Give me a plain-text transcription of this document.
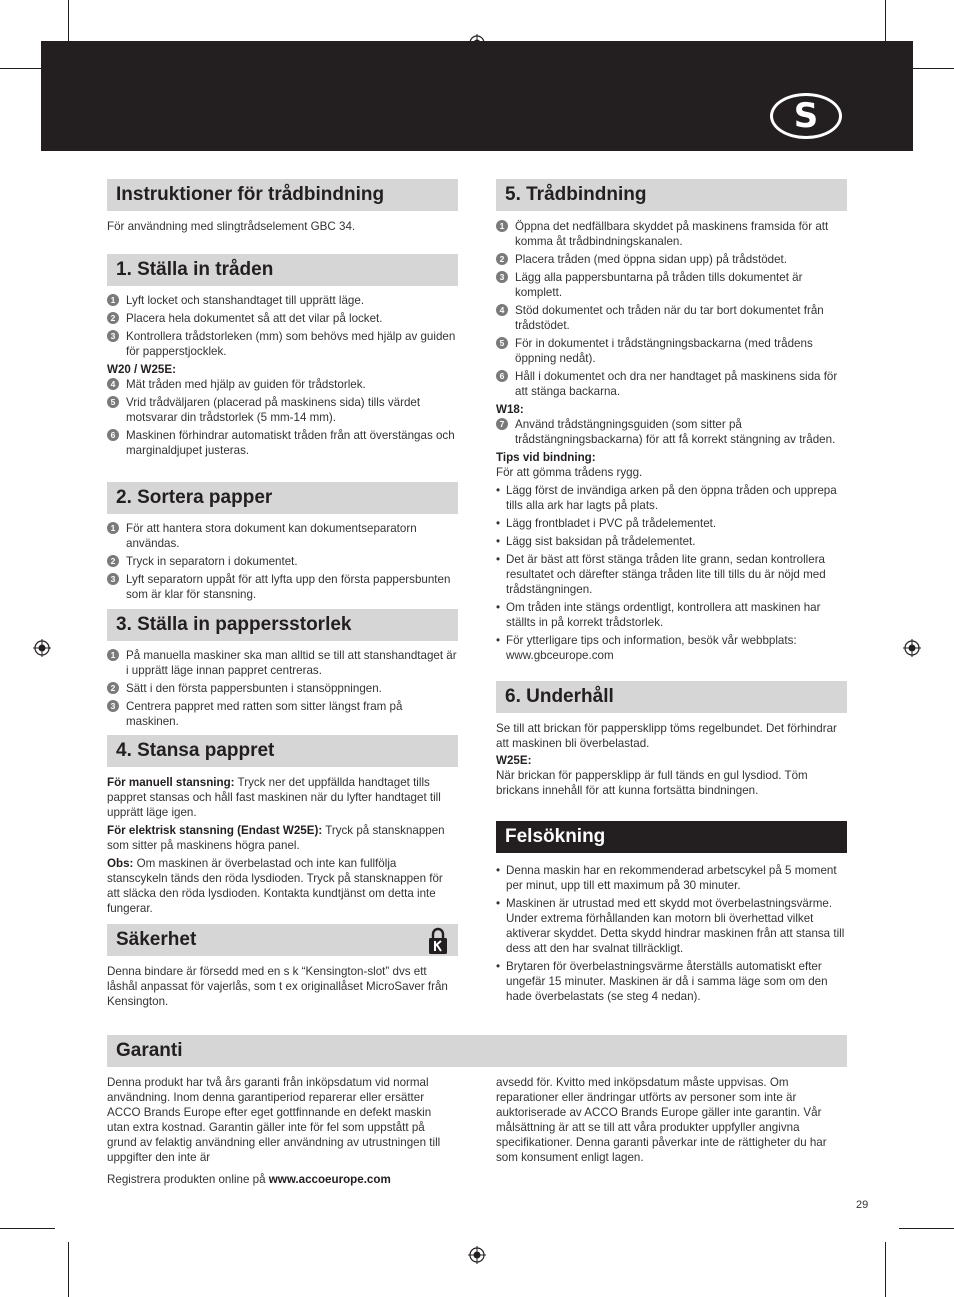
S
Instruktioner för trådbindning
För användning med slingtrådselement GBC 34.
1. Ställa in tråden
1 Lyft locket och stanshandtaget till upprätt läge.
2 Placera hela dokumentet så att det vilar på locket.
3 Kontrollera trådstorleken (mm) som behövs med hjälp av guiden för papperstjocklek.
W20 / W25E:
4 Mät tråden med hjälp av guiden för trådstorlek.
5 Vrid trådväljaren (placerad på maskinens sida) tills värdet motsvarar din trådstorlek (5 mm-14 mm).
6 Maskinen förhindrar automatiskt tråden från att överstängas och marginaldjupet justeras.
2. Sortera papper
1 För att hantera stora dokument kan dokumentseparatorn användas.
2 Tryck in separatorn i dokumentet.
3 Lyft separatorn uppåt för att lyfta upp den första pappersbunten som är klar för stansning.
3. Ställa in pappersstorlek
1 På manuella maskiner ska man alltid se till att stanshandtaget är i upprätt läge innan pappret centreras.
2 Sätt i den första pappersbunten i stansöppningen.
3 Centrera pappret med ratten som sitter längst fram på maskinen.
4. Stansa pappret
För manuell stansning: Tryck ner det uppfällda handtaget tills pappret stansas och håll fast maskinen när du lyfter handtaget till upprätt läge igen.
För elektrisk stansning (Endast W25E): Tryck på stansknappen som sitter på maskinens högra panel.
Obs: Om maskinen är överbelastad och inte kan fullfölja stanscykeln tänds den röda lysdioden. Tryck på stansknappen för att släcka den röda lysdioden. Kontakta kundtjänst om detta inte fungerar.
Säkerhet
Denna bindare är försedd med en s k “Kensington-slot” dvs ett låshål anpassat för vajerlås, som t ex originallåset MicroSaver från Kensington.
5. Trådbindning
1 Öppna det nedfällbara skyddet på maskinens framsida för att komma åt trådbindningskanalen.
2 Placera tråden (med öppna sidan upp) på trådstödet.
3 Lägg alla pappersbuntarna på tråden tills dokumentet är komplett.
4 Stöd dokumentet och tråden när du tar bort dokumentet från trådstödet.
5 För in dokumentet i trådstängningsbackarna (med trådens öppning nedåt).
6 Håll i dokumentet och dra ner handtaget på maskinens sida för att stänga backarna.
W18:
7 Använd trådstängningsguiden (som sitter på trådstängningsbackarna) för att få korrekt stängning av tråden.
Tips vid bindning:
För att gömma trådens rygg.
• Lägg först de invändiga arken på den öppna tråden och upprepa tills alla ark har lagts på plats.
• Lägg frontbladet i PVC på trådelementet.
• Lägg sist baksidan på trådelementet.
• Det är bäst att först stänga tråden lite grann, sedan kontrollera resultatet och därefter stänga tråden lite till tills du är nöjd med trådstängningen.
• Om tråden inte stängs ordentligt, kontrollera att maskinen har ställts in på korrekt trådstorlek.
• För ytterligare tips och information, besök vår webbplats: www.gbceurope.com
6. Underhåll
Se till att brickan för pappersklipp töms regelbundet. Det förhindrar att maskinen bli överbelastad.
W25E:
När brickan för pappersklipp är full tänds en gul lysdiod. Töm brickans innehåll för att kunna fortsätta bindningen.
Felsökning
• Denna maskin har en rekommenderad arbetscykel på 5 moment per minut, upp till ett maximum på 30 minuter.
• Maskinen är utrustad med ett skydd mot överbelastningsvärme. Under extrema förhållanden kan motorn bli överhettad vilket aktiverar skyddet. Detta skydd hindrar maskinen från att stansa till dess att den har svalnat tillräckligt.
• Brytaren för överbelastningsvärme återställs automatiskt efter ungefär 15 minuter. Maskinen är då i samma läge som om den hade överbelastats (se steg 4 nedan).
Garanti
Denna produkt har två års garanti från inköpsdatum vid normal användning. Inom denna garantiperiod reparerar eller ersätter ACCO Brands Europe efter eget gottfinnande en defekt maskin utan extra kostnad. Garantin gäller inte för fel som uppstått på grund av felaktig användning eller användning av utrustningen till uppgifter den inte är
Registrera produkten online på www.accoeurope.com
avsedd för. Kvitto med inköpsdatum måste uppvisas. Om reparationer eller ändringar utförts av personer som inte är auktoriserade av ACCO Brands Europe gäller inte garantin. Vår målsättning är att se till att våra produkter uppfyller angivna specifikationer. Denna garanti påverkar inte de rättigheter du har som konsument enligt lagen.
29
